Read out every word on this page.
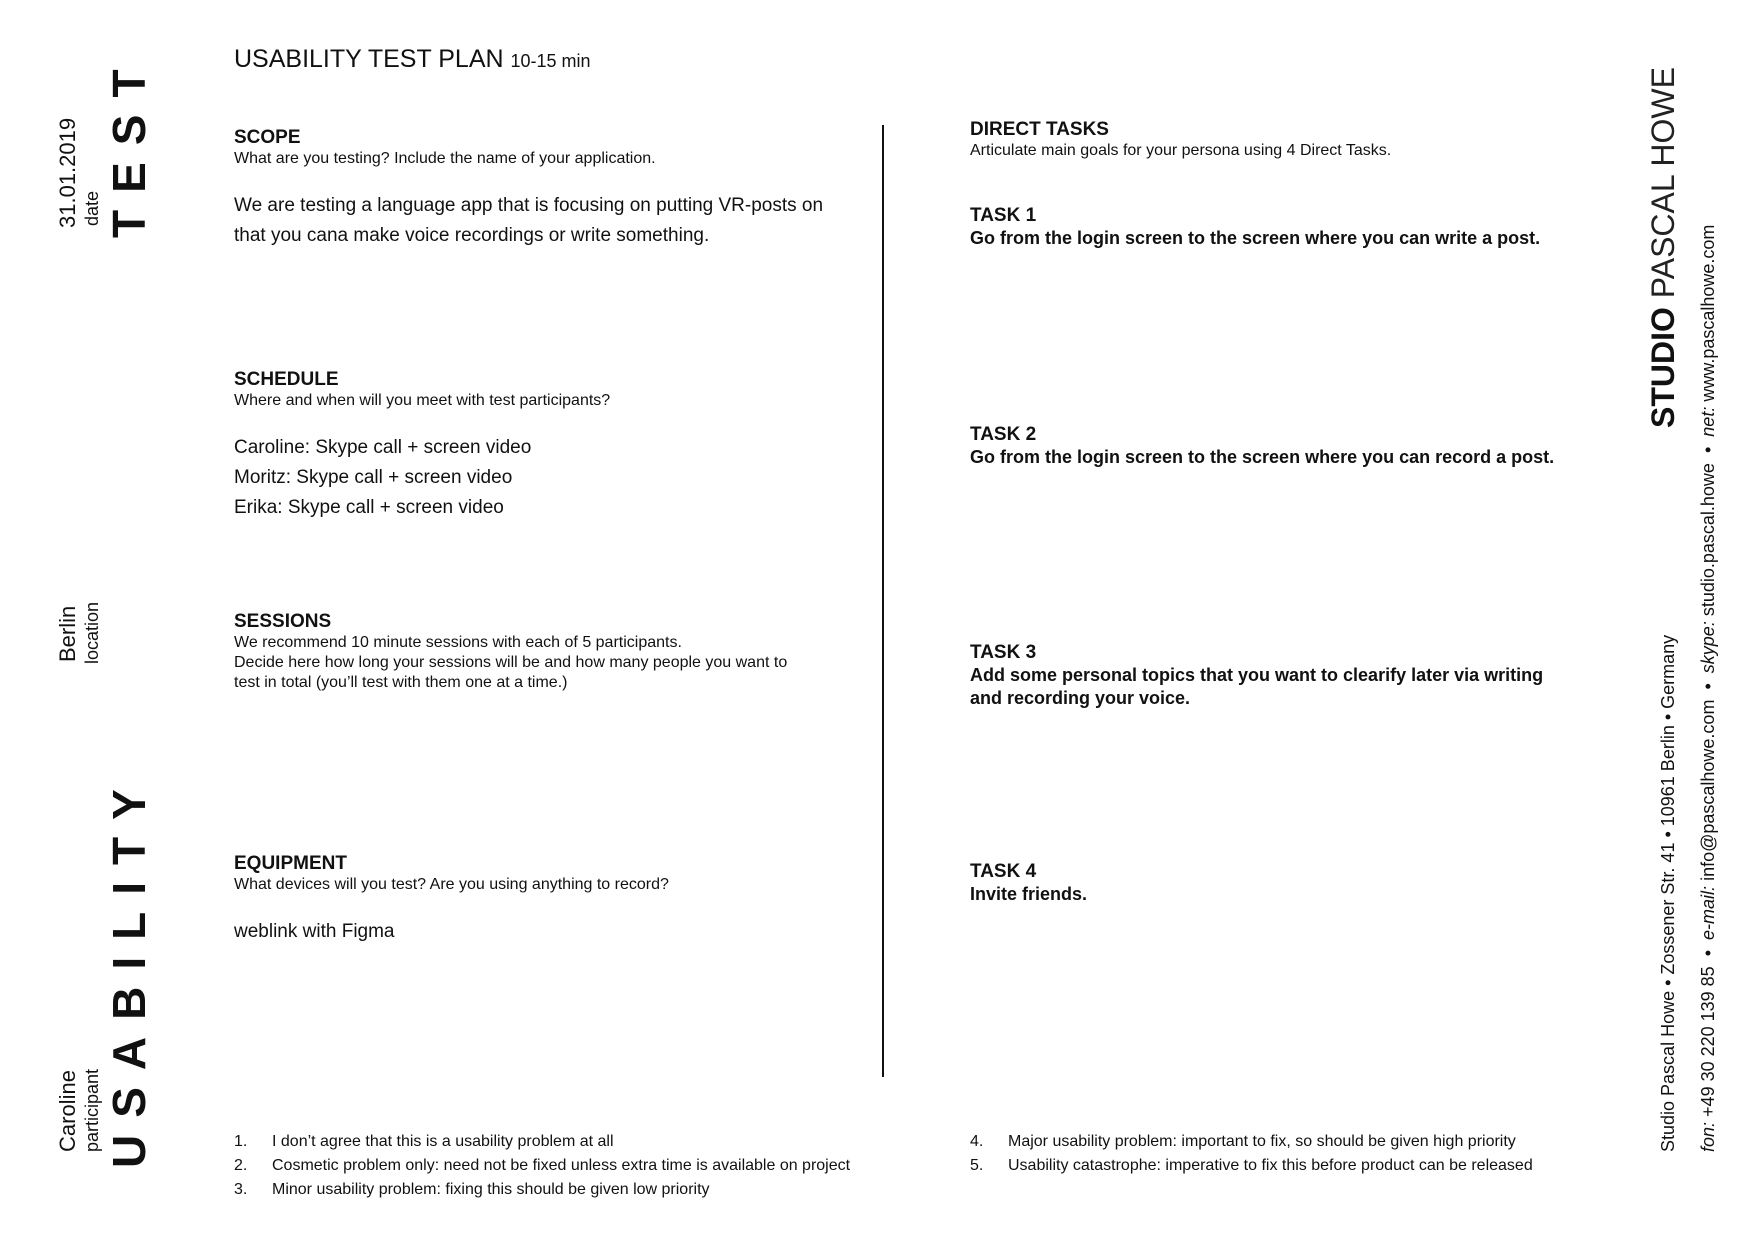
31.01.2019 date TEST
Berlin location
Caroline participant USABILITY
USABILITY TEST PLAN 10-15 min
SCOPE
What are you testing? Include the name of your application.
We are testing a language app that is focusing on putting VR-posts on
that you cana make voice recordings or write something.
SCHEDULE
Where and when will you meet with test participants?
Caroline: Skype call + screen video
Moritz: Skype call + screen video
Erika: Skype call + screen video
SESSIONS
We recommend 10 minute sessions with each of 5 participants.
Decide here how long your sessions will be and how many people you want to
test in total (you’ll test with them one at a time.)
EQUIPMENT
What devices will you test? Are you using anything to record?
weblink with Figma
DIRECT TASKS
Articulate main goals for your persona using 4 Direct Tasks.
TASK 1
Go from the login screen to the screen where you can write a post.
TASK 2
Go from the login screen to the screen where you can record a post.
TASK 3
Add some personal topics that you want to clearify later via writing
and recording your voice.
TASK 4
Invite friends.
1.	I don’t agree that this is a usability problem at all
2.	Cosmetic problem only: need not be fixed unless extra time is available on project
3.	Minor usability problem: fixing this should be given low priority
4.	Major usability problem: important to fix, so should be given high priority
5.	Usability catastrophe: imperative to fix this before product can be released
STUDIO PASCAL HOWE
Studio Pascal Howe • Zossener Str. 41 • 10961 Berlin • Germany fon: +49 30 220 139 85  •  e-mail: info@pascalhowe.com  •  skype: studio.pascal.howe  •  net: www.pascalhowe.com
